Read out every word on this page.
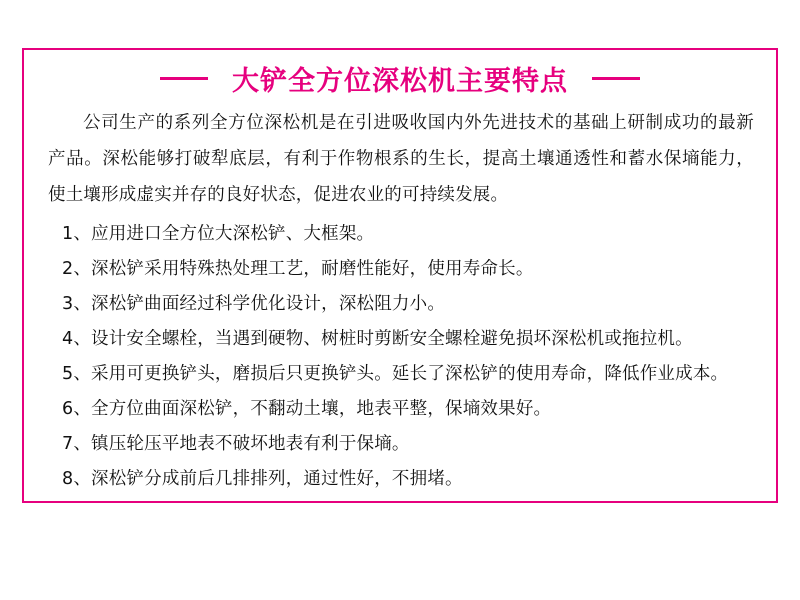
大铲全方位深松机主要特点

公司生产的系列全方位深松机是在引进吸收国内外先进技术的基础上研制成功的最新产品。深松能够打破犁底层，有利于作物根系的生长，提高土壤通透性和蓄水保墒能力，使土壤形成虚实并存的良好状态，促进农业的可持续发展。

1、应用进口全方位大深松铲、大框架。
2、深松铲采用特殊热处理工艺，耐磨性能好，使用寿命长。
3、深松铲曲面经过科学优化设计，深松阻力小。
4、设计安全螺栓，当遇到硬物、树桩时剪断安全螺栓避免损坏深松机或拖拉机。
5、采用可更换铲头，磨损后只更换铲头。延长了深松铲的使用寿命，降低作业成本。
6、全方位曲面深松铲，不翻动土壤，地表平整，保墒效果好。
7、镇压轮压平地表不破坏地表有利于保墒。
8、深松铲分成前后几排排列，通过性好，不拥堵。
